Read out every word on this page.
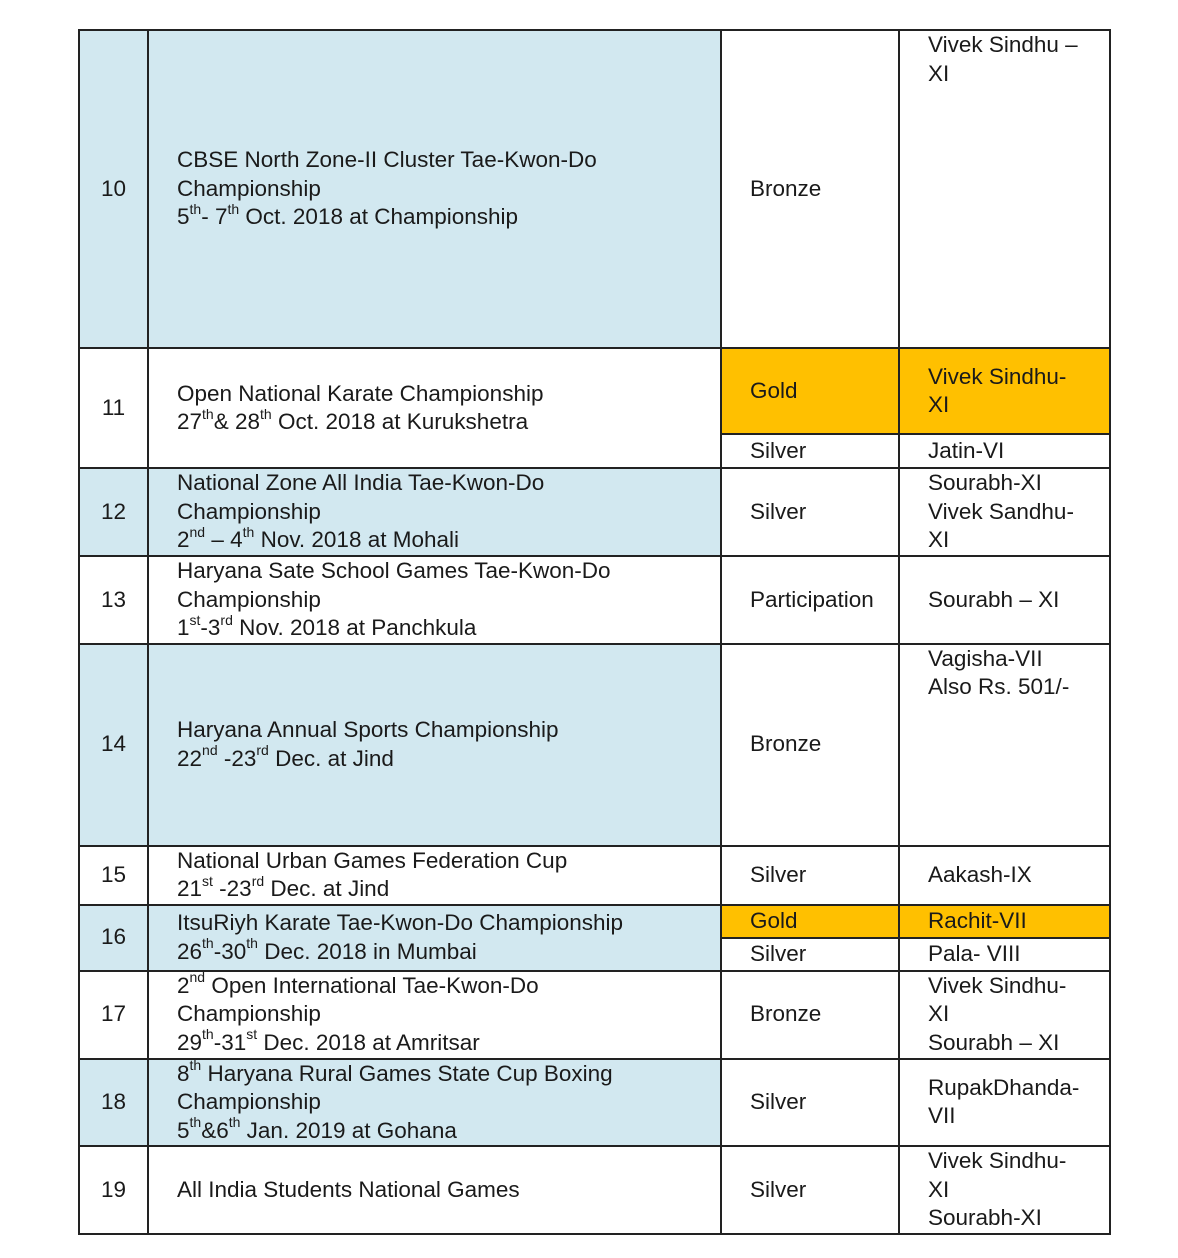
10	CBSE North Zone-II Cluster Tae-Kwon-Do
Championship
5th- 7th Oct. 2018 at Championship	Bronze	Vivek Sindhu –
XI

11	Open National Karate Championship
27th& 28th Oct. 2018 at Kurukshetra	Gold	Vivek Sindhu-
XI

		Silver	Jatin-VI

12	National Zone All India Tae-Kwon-Do
Championship
2nd – 4th Nov. 2018 at Mohali	Silver	Sourabh-XI
Vivek Sandhu-
XI

13	Haryana Sate School Games Tae-Kwon-Do
Championship
1st-3rd Nov. 2018 at Panchkula	Participation	Sourabh – XI

14	Haryana Annual Sports Championship
22nd -23rd Dec. at Jind	Bronze	Vagisha-VII
Also Rs. 501/-

15	National Urban Games Federation Cup
21st -23rd Dec. at Jind	Silver	Aakash-IX

16	ItsuRiyh Karate Tae-Kwon-Do Championship
26th-30th Dec. 2018 in Mumbai	Gold	Rachit-VII

		Silver	Pala- VIII

17	2nd Open International Tae-Kwon-Do
Championship
29th-31st Dec. 2018 at Amritsar	Bronze	Vivek Sindhu-
XI
Sourabh – XI

18	8th Haryana Rural Games State Cup Boxing
Championship
5th&6th Jan. 2019 at Gohana	Silver	RupakDhanda-
VII

19	All India Students National Games	Silver	Vivek Sindhu-
XI
Sourabh-XI
